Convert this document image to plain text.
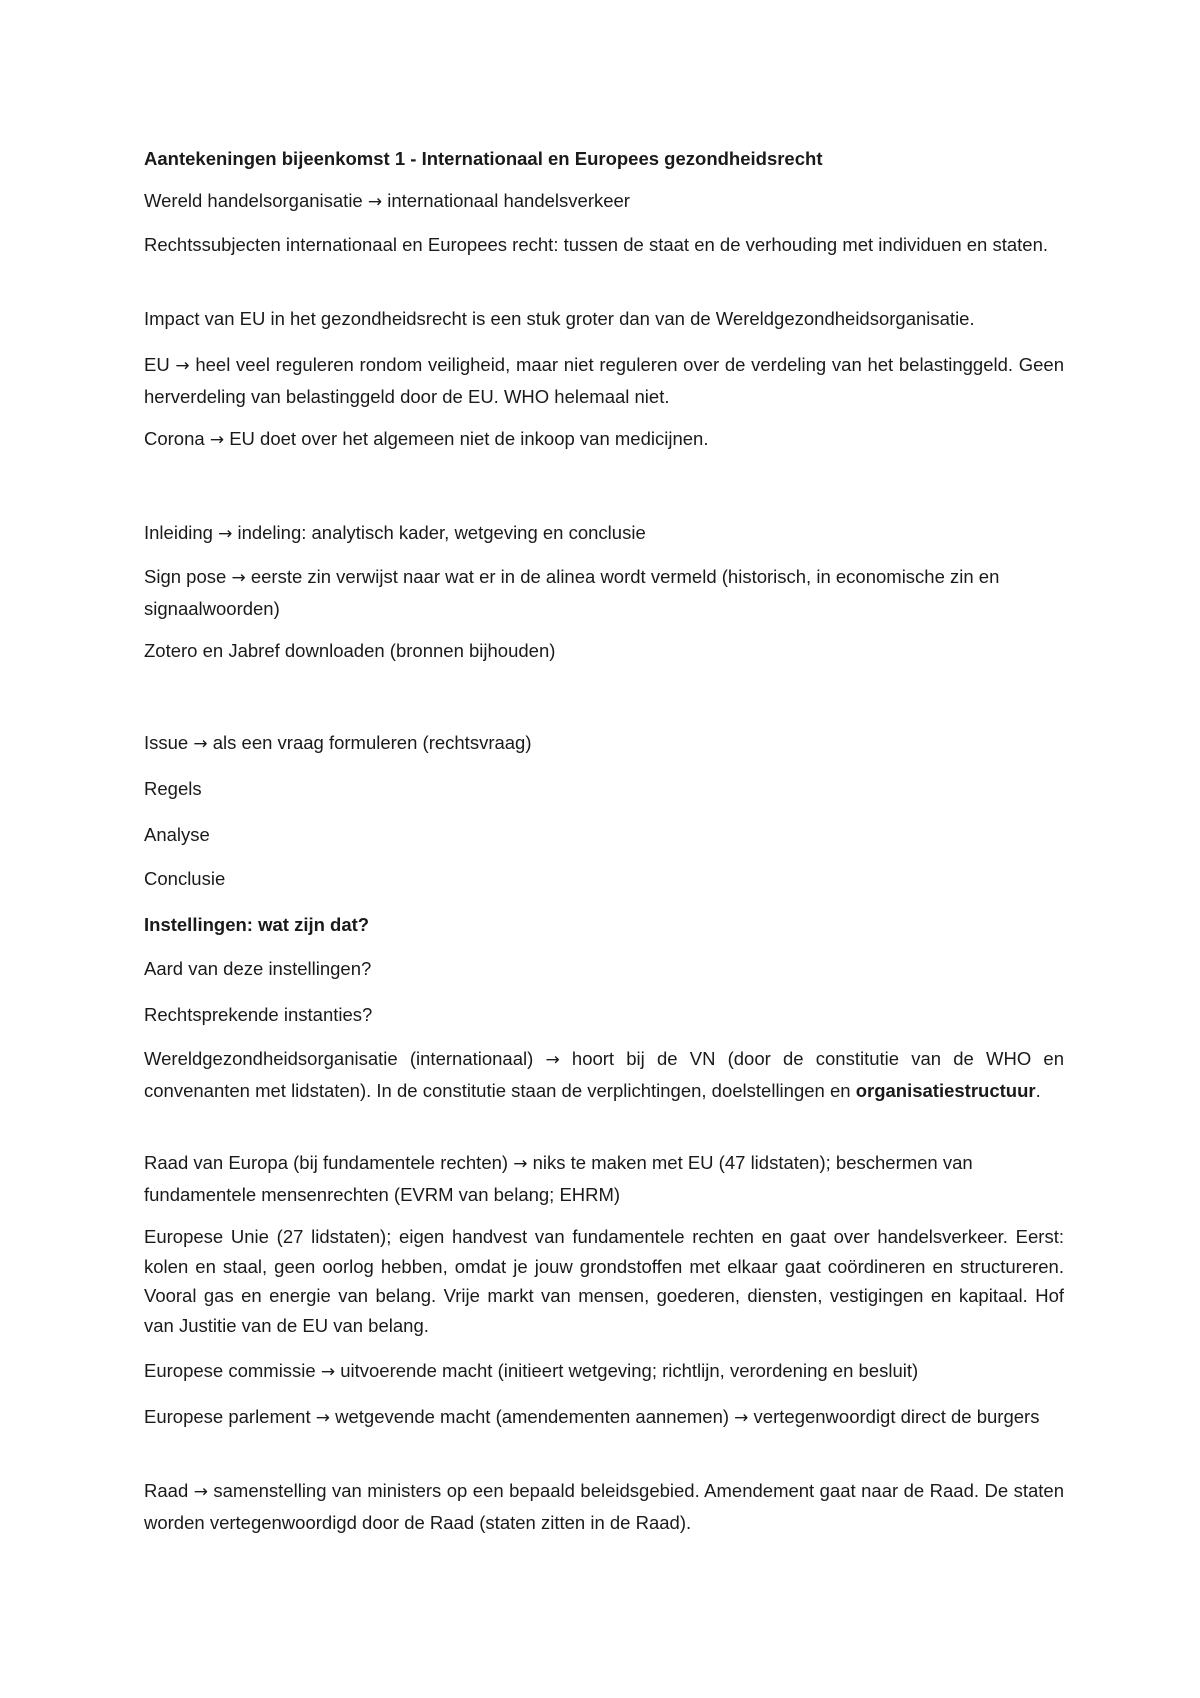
Aantekeningen bijeenkomst 1 - Internationaal en Europees gezondheidsrecht

Wereld handelsorganisatie → internationaal handelsverkeer

Rechtssubjecten internationaal en Europees recht: tussen de staat en de verhouding met individuen en staten.

Impact van EU in het gezondheidsrecht is een stuk groter dan van de Wereldgezondheidsorganisatie.

EU → heel veel reguleren rondom veiligheid, maar niet reguleren over de verdeling van het belastinggeld. Geen herverdeling van belastinggeld door de EU. WHO helemaal niet.

Corona → EU doet over het algemeen niet de inkoop van medicijnen.

Inleiding → indeling: analytisch kader, wetgeving en conclusie

Sign pose → eerste zin verwijst naar wat er in de alinea wordt vermeld (historisch, in economische zin en signaalwoorden)

Zotero en Jabref downloaden (bronnen bijhouden)

Issue → als een vraag formuleren (rechtsvraag)

Regels

Analyse

Conclusie

Instellingen: wat zijn dat?

Aard van deze instellingen?

Rechtsprekende instanties?

Wereldgezondheidsorganisatie (internationaal) → hoort bij de VN (door de constitutie van de WHO en convenanten met lidstaten). In de constitutie staan de verplichtingen, doelstellingen en organisatiestructuur.

Raad van Europa (bij fundamentele rechten) → niks te maken met EU (47 lidstaten); beschermen van fundamentele mensenrechten (EVRM van belang; EHRM)

Europese Unie (27 lidstaten); eigen handvest van fundamentele rechten en gaat over handelsverkeer. Eerst: kolen en staal, geen oorlog hebben, omdat je jouw grondstoffen met elkaar gaat coördineren en structureren. Vooral gas en energie van belang. Vrije markt van mensen, goederen, diensten, vestigingen en kapitaal. Hof van Justitie van de EU van belang.

Europese commissie → uitvoerende macht (initieert wetgeving; richtlijn, verordening en besluit)

Europese parlement → wetgevende macht (amendementen aannemen) → vertegenwoordigt direct de burgers

Raad → samenstelling van ministers op een bepaald beleidsgebied. Amendement gaat naar de Raad. De staten worden vertegenwoordigd door de Raad (staten zitten in de Raad).
